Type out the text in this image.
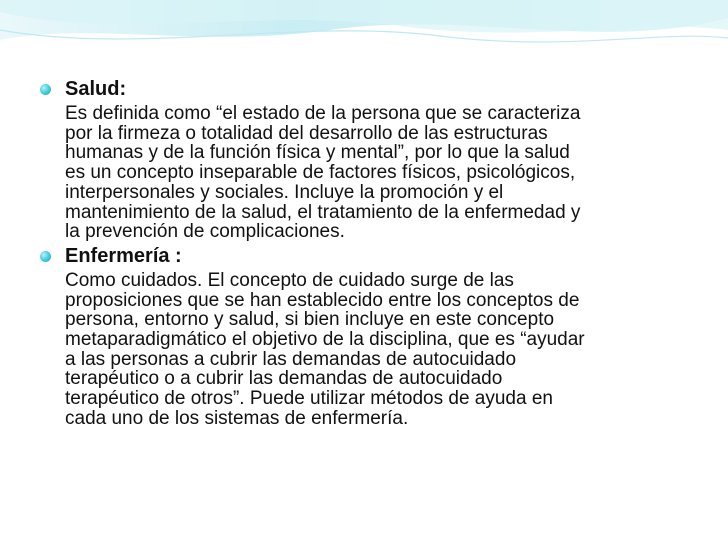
Salud:

Es definida como “el estado de la persona que se caracteriza
por la firmeza o totalidad del desarrollo de las estructuras
humanas y de la función física y mental”, por lo que la salud
es un concepto inseparable de factores físicos, psicológicos,
interpersonales y sociales. Incluye la promoción y el
mantenimiento de la salud, el tratamiento de la enfermedad y
la prevención de complicaciones.

Enfermería :

Como cuidados. El concepto de cuidado surge de las
proposiciones que se han establecido entre los conceptos de
persona, entorno y salud, si bien incluye en este concepto
metaparadigmático el objetivo de la disciplina, que es “ayudar
a las personas a cubrir las demandas de autocuidado
terapéutico o a cubrir las demandas de autocuidado
terapéutico de otros”. Puede utilizar métodos de ayuda en
cada uno de los sistemas de enfermería.
